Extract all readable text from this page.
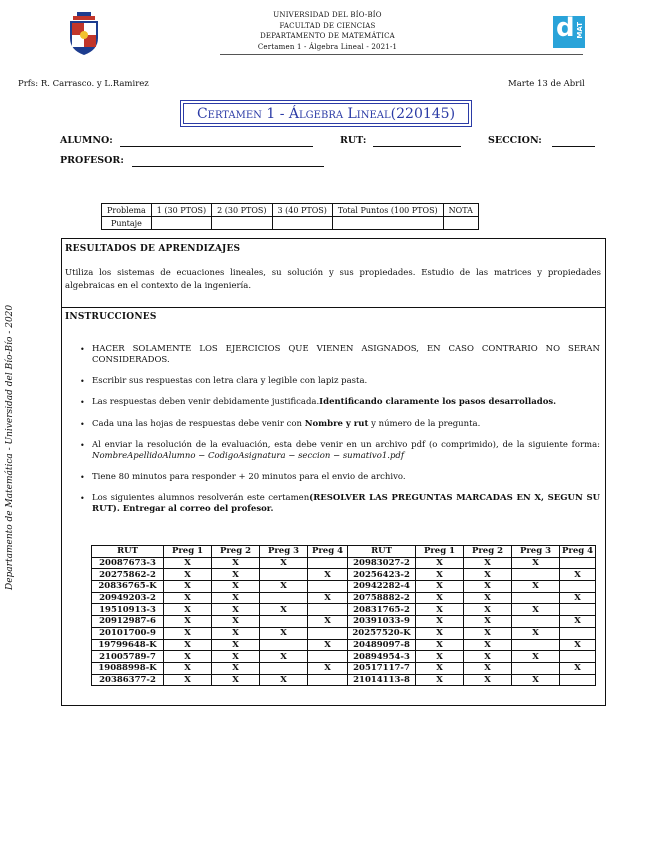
UNIVERSIDAD DEL BÍO-BÍO
FACULTAD DE CIENCIAS
DEPARTAMENTO DE MATEMÁTICA
Certamen 1 - Álgebra Lineal - 2021-1
d MAT
Prfs: R. Carrasco. y L.Ramirez	Marte 13 de Abril
Certamen 1 - Álgebra Lineal(220145)
ALUMNO:	RUT:	SECCION:
PROFESOR:
Problema	1 (30 PTOS)	2 (30 PTOS)	3 (40 PTOS)	Total Puntos (100 PTOS)	NOTA
Puntaje					
Departamento de Matemática - Universidad del Bío-Bío - 2020
RESULTADOS DE APRENDIZAJES
Utiliza los sistemas de ecuaciones lineales, su solución y sus propiedades. Estudio de las matrices y propiedades algebraicas en el contexto de la ingeniería.
INSTRUCCIONES
• HACER SOLAMENTE LOS EJERCICIOS QUE VIENEN ASIGNADOS, EN CASO CONTRARIO NO SERAN CONSIDERADOS.
• Escribir sus respuestas con letra clara y legible con lapiz pasta.
• Las respuestas deben venir debidamente justificada.Identificando claramente los pasos desarrollados.
• Cada una las hojas de respuestas debe venir con Nombre y rut y número de la pregunta.
• Al enviar la resolución de la evaluación, esta debe venir en un archivo pdf (o comprimido), de la siguiente forma: NombreApellidoAlumno − CodigoAsignatura − seccion − sumativo1.pdf
• Tiene 80 minutos para responder + 20 minutos para el envio de archivo.
• Los siguientes alumnos resolverán este certamen(RESOLVER LAS PREGUNTAS MARCADAS EN X, SEGUN SU RUT). Entregar al correo del profesor.
RUT	Preg 1	Preg 2	Preg 3	Preg 4	RUT	Preg 1	Preg 2	Preg 3	Preg 4
20087673-3	X	X	X		20983027-2	X	X	X	
20275862-2	X	X		X	20256423-2	X	X		X
20836765-K	X	X	X		20942282-4	X	X	X	
20949203-2	X	X		X	20758882-2	X	X		X
19510913-3	X	X	X		20831765-2	X	X	X	
20912987-6	X	X		X	20391033-9	X	X		X
20101700-9	X	X	X		20257520-K	X	X	X	
19799648-K	X	X		X	20489097-8	X	X		X
21005789-7	X	X	X		20894954-3	X	X	X	
19088998-K	X	X		X	20517117-7	X	X		X
20386377-2	X	X	X		21014113-8	X	X	X	
